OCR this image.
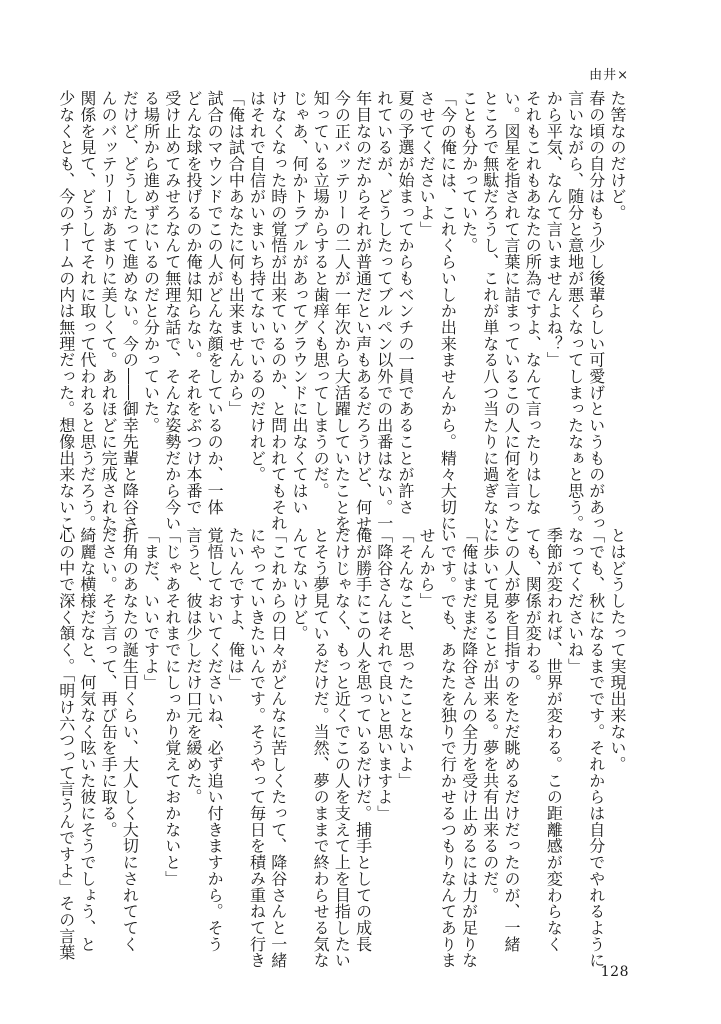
由井×
た筈なのだけど。
春の頃の自分はもう少し後輩らしい可愛げというものがあっ
言いながら、随分と意地が悪くなってしまったなぁと思う。
から平気、なんて言いませんよね？」
それもこれもあなたの所為ですよ、なんて言ったりはしな
い。図星を指されて言葉に詰まっているこの人に何を言った
ところで無駄だろうし、これが単なる八つ当たりに過ぎない
ことも分かっていた。
「今の俺には、これくらいしか出来ませんから。精々大切に
させてくださいよ」
夏の予選が始まってからもベンチの一員であることが許さ
れているが、どうしたってブルペン以外での出番はない。一
年目なのだからそれが普通だとい声もあるだろうけど、何せ
今の正バッテリーの二人が一年次から大活躍していたことを
知っている立場からすると歯痒くも思ってしまうのだ。
じゃあ、何かトラブルがあってグラウンドに出なくてはい
けなくなった時の覚悟が出来ているのか、と問われてもそれ
はそれで自信がいまいち持てないでいるのだけれど。
「俺は試合中あなたに何も出来ませんから」
試合のマウンドでこの人がどんな顔をしているのか、一体
どんな球を投げるのか俺は知らない。それをぶつけ本番で
受け止めてみせろなんて無理な話で、そんな姿勢だから今い
る場所から進めずにいるのだと分かっていた。
だけど、どうしたって進めない。今の――御幸先輩と降谷さ
んのバッテリーがあまりに美しくて。あれほどに完成された
関係を見て、どうしてそれに取って代われると思うだろう。
少なくとも、今のチームの内は無理だった。想像出来ないこ
とはどうしたって実現出来ない。
「でも、秋になるまでです。それからは自分でやれるように
なってくださいね」
季節が変われば、世界が変わる。この距離感が変わらなく
ても、関係が変わる。
この人が夢を目指すのをただ眺めるだけだったのが、一緒
に歩いて見ることが出来る。夢を共有出来るのだ。
「俺はまだまだ降谷さんの全力を受け止めるには力が足りな
いです。でも、あなたを独りで行かせるつもりなんてありま
せんから」
「そんなこと、思ったことないよ」
「降谷さんはそれで良いと思いますよ」
俺が勝手にこの人を思っているだけだ。捕手としての成長
だけじゃなく、もっと近くでこの人を支えて上を目指したい
とそう夢見ているだけだ。当然、夢のままで終わらせる気な
んてないけど。
「これからの日々がどんなに苦しくたって、降谷さんと一緒
にやっていきたいんです。そうやって毎日を積み重ねて行き
たいんですよ、俺は」
覚悟しておいてくださいね、必ず追い付きますから。そう
言うと、彼は少しだけ口元を緩めた。
「じゃあそれまでにしっかり覚えておかないと」
「まだ、いいですよ」
折角のあなたの誕生日くらい、大人しく大切にされててく
ださい。そう言って、再び缶を手に取る。
綺麗な横様だなと、何気なく呟いた彼にそうでしょう、と
心の中で深く頷く。「明け六つって言うんですよ」その言葉
128
